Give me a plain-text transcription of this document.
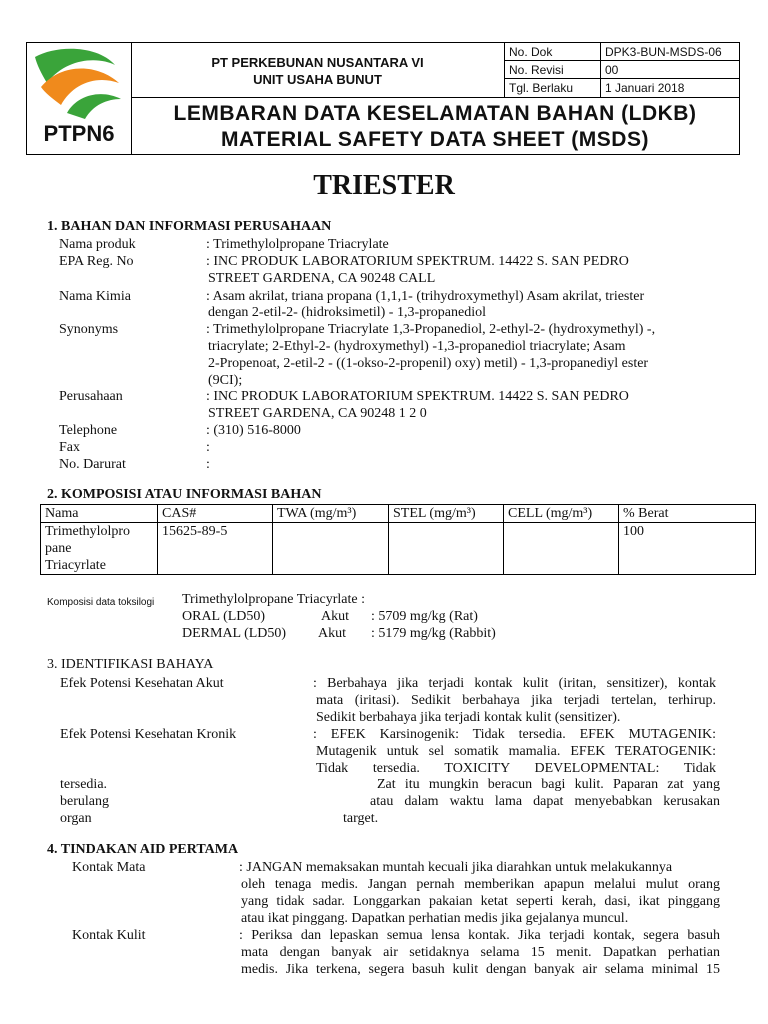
PTPN6
PT PERKEBUNAN NUSANTARA VI
UNIT USAHA BUNUT
No. Dok	DPK3-BUN-MSDS-06
No. Revisi	00
Tgl. Berlaku	1 Januari 2018
LEMBARAN DATA KESELAMATAN BAHAN (LDKB)
MATERIAL SAFETY DATA SHEET (MSDS)
TRIESTER
1. BAHAN DAN INFORMASI PERUSAHAAN
Nama produk	: Trimethylolpropane Triacrylate
EPA Reg. No	: INC PRODUK LABORATORIUM SPEKTRUM. 14422 S. SAN PEDRO
STREET GARDENA, CA 90248 CALL
Nama Kimia	: Asam akrilat, triana propana (1,1,1- (trihydroxymethyl) Asam akrilat, triester
dengan 2-etil-2- (hidroksimetil) - 1,3-propanediol
Synonyms	: Trimethylolpropane Triacrylate 1,3-Propanediol, 2-ethyl-2- (hydroxymethyl) -,
triacrylate; 2-Ethyl-2- (hydroxymethyl) -1,3-propanediol triacrylate; Asam
2-Propenoat, 2-etil-2 - ((1-okso-2-propenil) oxy) metil) - 1,3-propanediyl ester
(9CI);
Perusahaan	: INC PRODUK LABORATORIUM SPEKTRUM. 14422 S. SAN PEDRO
STREET GARDENA, CA 90248 1 2 0
Telephone	: (310) 516-8000
Fax	:
No. Darurat	:
2. KOMPOSISI ATAU INFORMASI BAHAN
Nama	CAS#	TWA (mg/m³)	STEL (mg/m³)	CELL (mg/m³)	% Berat

Trimethylolpro
pane
Triacyrlate	15625-89-5				100
Komposisi data toksilogi Trimethylolpropane Triacyrlate :
ORAL (LD50)	Akut : 5709 mg/kg (Rat)
DERMAL (LD50) Akut : 5179 mg/kg (Rabbit)
3. IDENTIFIKASI BAHAYA
Efek Potensi Kesehatan Akut	: Berbahaya jika terjadi kontak kulit (iritan, sensitizer), kontak
mata (iritasi). Sedikit berbahaya jika terjadi tertelan, terhirup.
Sedikit berbahaya jika terjadi kontak kulit (sensitizer).
Efek Potensi Kesehatan Kronik	:  EFEK  Karsinogenik:  Tidak  tersedia.  EFEK  MUTAGENIK:
Mutagenik untuk sel somatik mamalia. EFEK TERATOGENIK:
Tidak    tersedia.    TOXICITY    DEVELOPMENTAL:    Tidak
tersedia.
berulang
organ
Zat itu mungkin beracun bagi kulit. Paparan zat yang
atau dalam waktu lama dapat menyebabkan kerusakan
target.
4. TINDAKAN AID PERTAMA
Kontak Mata	: JANGAN memaksakan muntah kecuali jika diarahkan untuk melakukannya
oleh tenaga medis. Jangan pernah memberikan apapun melalui mulut orang
yang tidak sadar. Longgarkan pakaian ketat seperti kerah, dasi, ikat pinggang
atau ikat pinggang. Dapatkan perhatian medis jika gejalanya muncul.
Kontak Kulit	: Periksa dan lepaskan semua lensa kontak. Jika terjadi kontak, segera basuh
mata dengan banyak air setidaknya selama 15 menit. Dapatkan perhatian
medis. Jika terkena, segera basuh kulit dengan banyak air selama minimal 15
